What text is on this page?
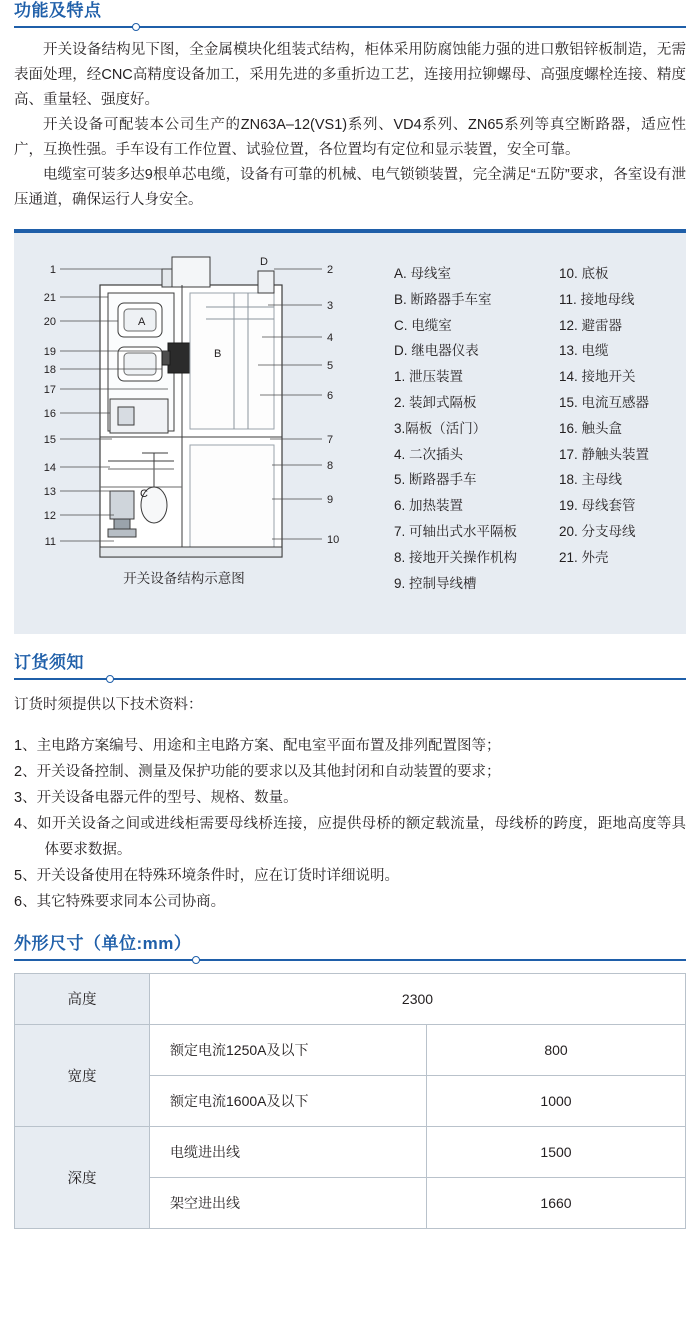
功能及特点

开关设备结构见下图，全金属模块化组装式结构，柜体采用防腐蚀能力强的进口敷铝锌板制造，无需表面处理，经CNC高精度设备加工，采用先进的多重折边工艺，连接用拉铆螺母、高强度螺栓连接、精度高、重量轻、强度好。

开关设备可配装本公司生产的ZN63A–12(VS1)系列、VD4系列、ZN65系列等真空断路器，适应性广，互换性强。手车设有工作位置、试验位置，各位置均有定位和显示装置，安全可靠。

电缆室可装多达9根单芯电缆，设备有可靠的机械、电气锁锁装置，完全满足“五防”要求，各室设有泄压通道，确保运行人身安全。

1
21
20
19
18
17
16
15
14
13
12
11
2
3
4
5
6
7
8
9
10
A
B
C
D
开关设备结构示意图
A. 母线室
B. 断路器手车室
C. 电缆室
D. 继电器仪表
1. 泄压装置
2. 装卸式隔板
3.隔板（活门）
4. 二次插头
5. 断路器手车
6. 加热装置
7. 可轴出式水平隔板
8. 接地开关操作机构
9. 控制导线槽
10. 底板
11. 接地母线
12. 避雷器
13. 电缆
14. 接地开关
15. 电流互感器
16. 触头盒
17. 静触头装置
18. 主母线
19. 母线套管
20. 分支母线
21. 外壳
订货须知

订货时须提供以下技术资料：

1、主电路方案编号、用途和主电路方案、配电室平面布置及排列配置图等；
2、开关设备控制、测量及保护功能的要求以及其他封闭和自动装置的要求；
3、开关设备电器元件的型号、规格、数量。
4、如开关设备之间或进线柜需要母线桥连接，应提供母桥的额定载流量，母线桥的跨度，距地高度等具体要求数据。
5、开关设备使用在特殊环境条件时，应在订货时详细说明。
6、其它特殊要求同本公司协商。
外形尺寸（单位:mm）
高度	2300	
宽度	额定电流1250A及以下	800
	额定电流1600A及以下	1000
深度	电缆进出线	1500
	架空进出线	1660
